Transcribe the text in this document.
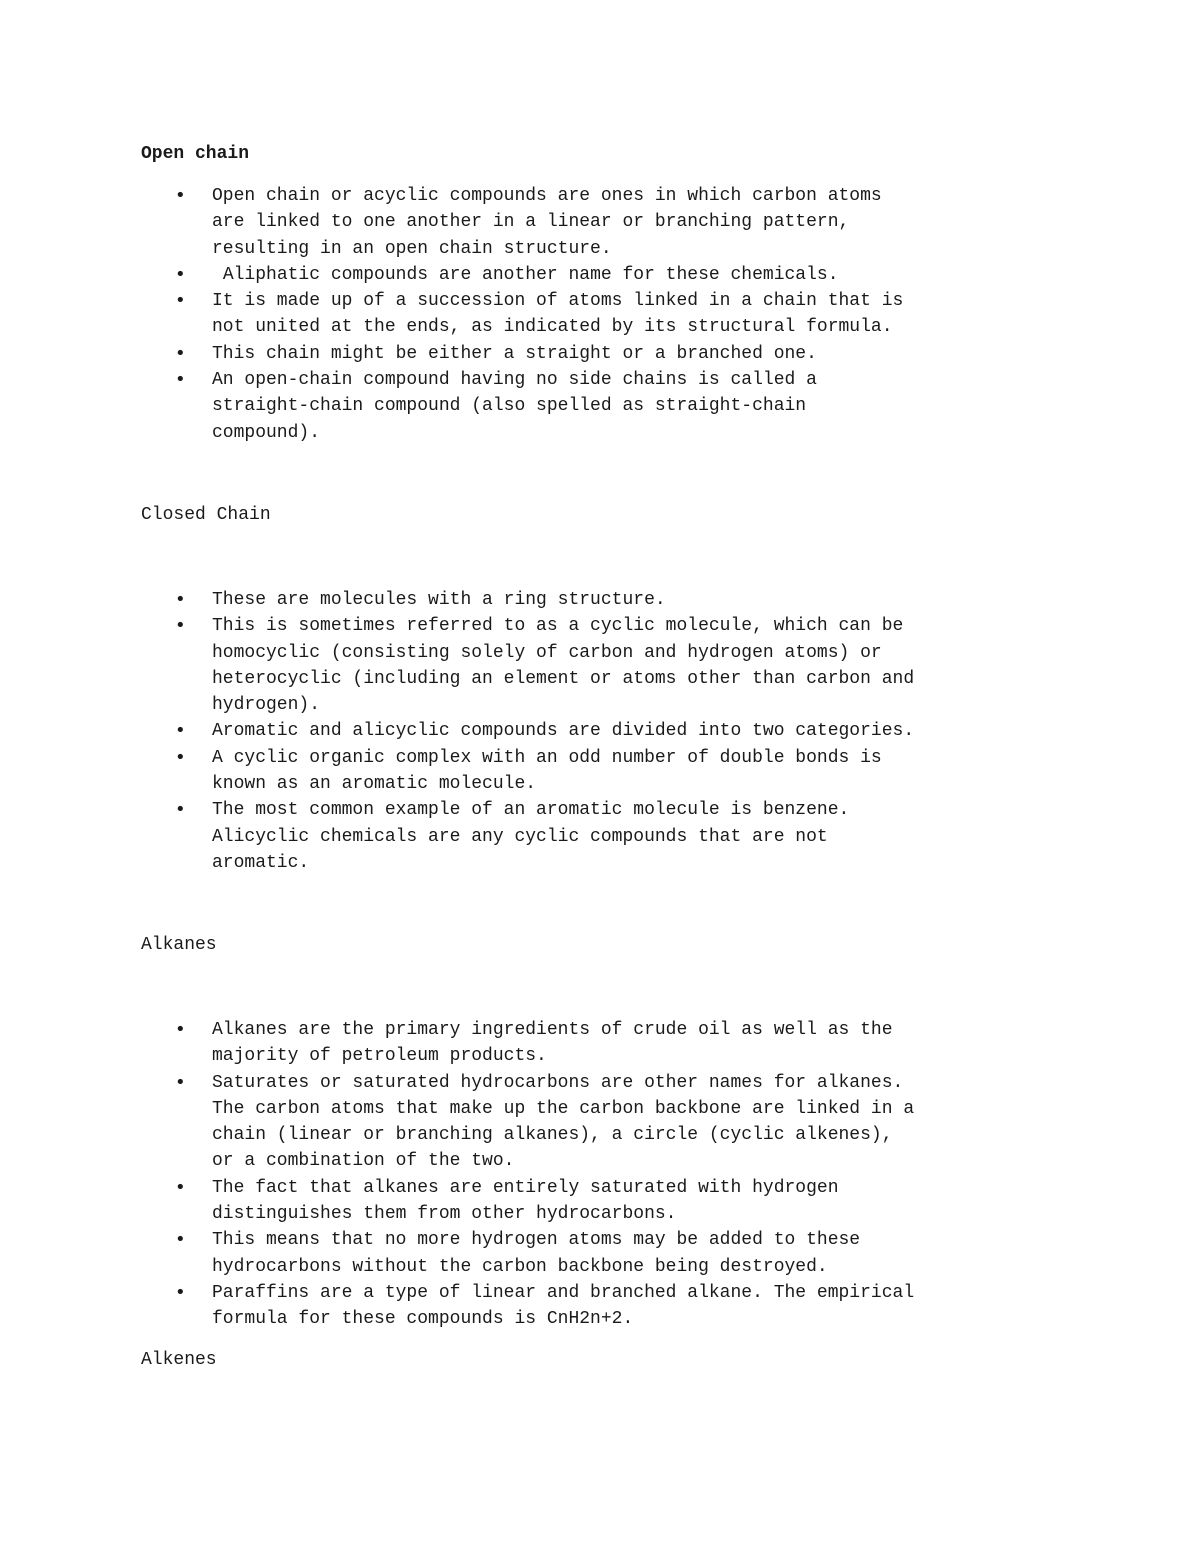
Open chain
• Open chain or acyclic compounds are ones in which carbon atoms
are linked to one another in a linear or branching pattern,
resulting in an open chain structure.
• Aliphatic compounds are another name for these chemicals.
• It is made up of a succession of atoms linked in a chain that is
not united at the ends, as indicated by its structural formula.
• This chain might be either a straight or a branched one.
• An open-chain compound having no side chains is called a
straight-chain compound (also spelled as straight-chain
compound).
Closed Chain
• These are molecules with a ring structure.
• This is sometimes referred to as a cyclic molecule, which can be
homocyclic (consisting solely of carbon and hydrogen atoms) or
heterocyclic (including an element or atoms other than carbon and
hydrogen).
• Aromatic and alicyclic compounds are divided into two categories.
• A cyclic organic complex with an odd number of double bonds is
known as an aromatic molecule.
• The most common example of an aromatic molecule is benzene.
Alicyclic chemicals are any cyclic compounds that are not
aromatic.
Alkanes
• Alkanes are the primary ingredients of crude oil as well as the
majority of petroleum products.
• Saturates or saturated hydrocarbons are other names for alkanes.
The carbon atoms that make up the carbon backbone are linked in a
chain (linear or branching alkanes), a circle (cyclic alkenes),
or a combination of the two.
• The fact that alkanes are entirely saturated with hydrogen
distinguishes them from other hydrocarbons.
• This means that no more hydrogen atoms may be added to these
hydrocarbons without the carbon backbone being destroyed.
• Paraffins are a type of linear and branched alkane. The empirical
formula for these compounds is CnH2n+2.
Alkenes
